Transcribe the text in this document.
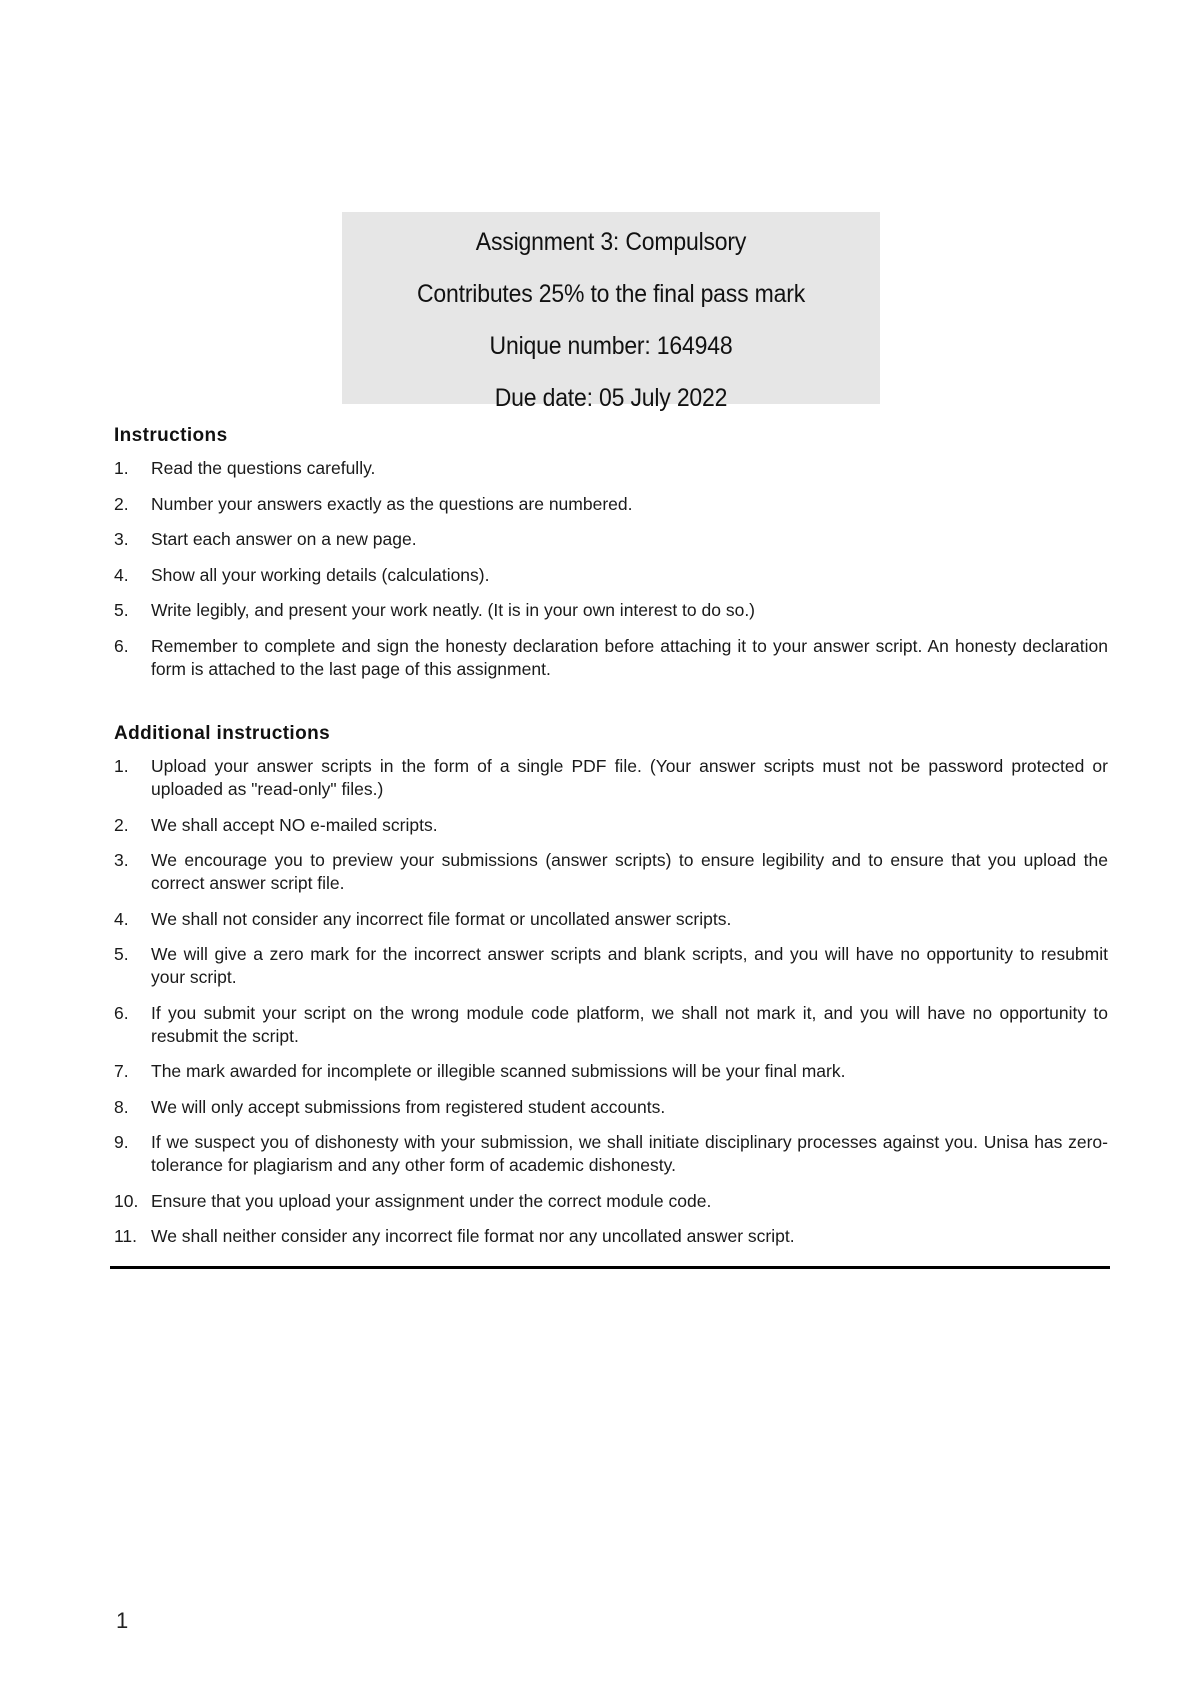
Assignment 3: Compulsory
Contributes 25% to the final pass mark
Unique number: 164948
Due date: 05 July 2022
Instructions
1.	Read the questions carefully.
2.	Number your answers exactly as the questions are numbered.
3.	Start each answer on a new page.
4.	Show all your working details (calculations).
5.	Write legibly, and present your work neatly. (It is in your own interest to do so.)
6.	Remember to complete and sign the honesty declaration before attaching it to your answer script. An honesty declaration form is attached to the last page of this assignment.
Additional instructions
1.	Upload your answer scripts in the form of a single PDF file. (Your answer scripts must not be password protected or uploaded as "read-only" files.)
2.	We shall accept NO e-mailed scripts.
3.	We encourage you to preview your submissions (answer scripts) to ensure legibility and to ensure that you upload the correct answer script file.
4.	We shall not consider any incorrect file format or uncollated answer scripts.
5.	We will give a zero mark for the incorrect answer scripts and blank scripts, and you will have no opportunity to resubmit your script.
6.	If you submit your script on the wrong module code platform, we shall not mark it, and you will have no opportunity to resubmit the script.
7.	The mark awarded for incomplete or illegible scanned submissions will be your final mark.
8.	We will only accept submissions from registered student accounts.
9.	If we suspect you of dishonesty with your submission, we shall initiate disciplinary processes against you. Unisa has zero-tolerance for plagiarism and any other form of academic dishonesty.
10. Ensure that you upload your assignment under the correct module code.
11. We shall neither consider any incorrect file format nor any uncollated answer script.
1
